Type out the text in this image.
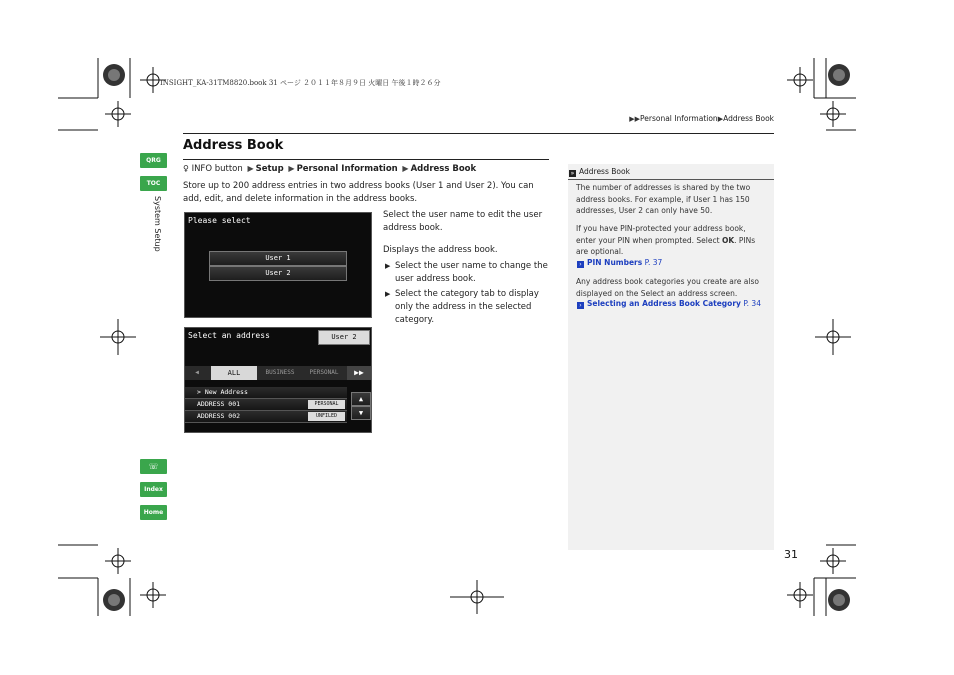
INSIGHT_KA-31TM8820.book 31 ページ ２０１１年８月９日 火曜日 午後１時２６分
▶▶Personal Information▶Address Book
Address Book
♀ INFO button ▶ Setup ▶ Personal Information ▶ Address Book
Store up to 200 address entries in two address books (User 1 and User 2). You can add, edit, and delete information in the address books.
Please select
User 1
User 2
Select an address	User 2
◀	ALL	BUSINESS	PERSONAL	▶▶
> New Address
ADDRESS 001	PERSONAL
ADDRESS 002	UNFILED
▲
▼
Select the user name to edit the user address book.
Displays the address book.
▶ Select the user name to change the user address book.
▶ Select the category tab to display only the address in the selected category.
» Address Book
The number of addresses is shared by the two address books. For example, if User 1 has 150 addresses, User 2 can only have 50.
If you have PIN-protected your address book, enter your PIN when prompted. Select OK. PINs are optional.
› PIN Numbers P. 37
Any address book categories you create are also displayed on the Select an address screen.
› Selecting an Address Book Category P. 34
QRG
TOC
System Setup
☏
Index
Home
31
